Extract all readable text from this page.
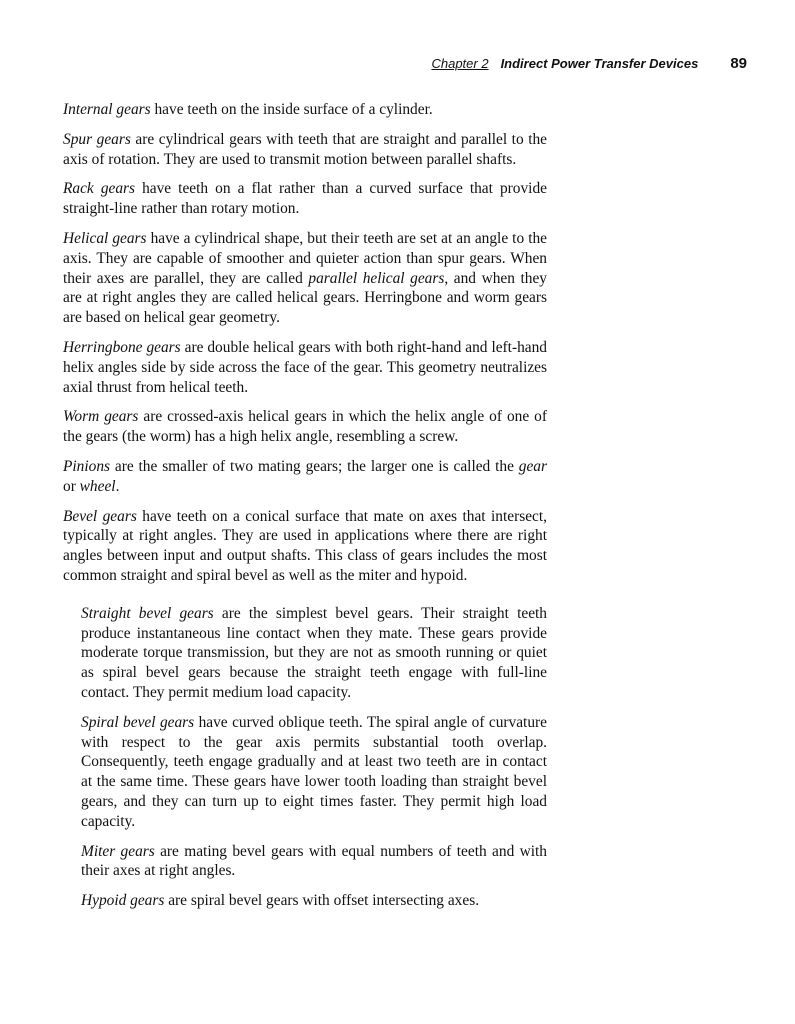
Chapter 2 Indirect Power Transfer Devices 89

Internal gears have teeth on the inside surface of a cylinder.

Spur gears are cylindrical gears with teeth that are straight and parallel to the axis of rotation. They are used to transmit motion between parallel shafts.

Rack gears have teeth on a flat rather than a curved surface that provide straight-line rather than rotary motion.

Helical gears have a cylindrical shape, but their teeth are set at an angle to the axis. They are capable of smoother and quieter action than spur gears. When their axes are parallel, they are called parallel helical gears, and when they are at right angles they are called helical gears. Herringbone and worm gears are based on helical gear geometry.

Herringbone gears are double helical gears with both right-hand and left-hand helix angles side by side across the face of the gear. This geometry neutralizes axial thrust from helical teeth.

Worm gears are crossed-axis helical gears in which the helix angle of one of the gears (the worm) has a high helix angle, resembling a screw.

Pinions are the smaller of two mating gears; the larger one is called the gear or wheel.

Bevel gears have teeth on a conical surface that mate on axes that intersect, typically at right angles. They are used in applications where there are right angles between input and output shafts. This class of gears includes the most common straight and spiral bevel as well as the miter and hypoid.

Straight bevel gears are the simplest bevel gears. Their straight teeth produce instantaneous line contact when they mate. These gears provide moderate torque transmission, but they are not as smooth running or quiet as spiral bevel gears because the straight teeth engage with full-line contact. They permit medium load capacity.

Spiral bevel gears have curved oblique teeth. The spiral angle of curvature with respect to the gear axis permits substantial tooth overlap. Consequently, teeth engage gradually and at least two teeth are in contact at the same time. These gears have lower tooth loading than straight bevel gears, and they can turn up to eight times faster. They permit high load capacity.

Miter gears are mating bevel gears with equal numbers of teeth and with their axes at right angles.

Hypoid gears are spiral bevel gears with offset intersecting axes.
